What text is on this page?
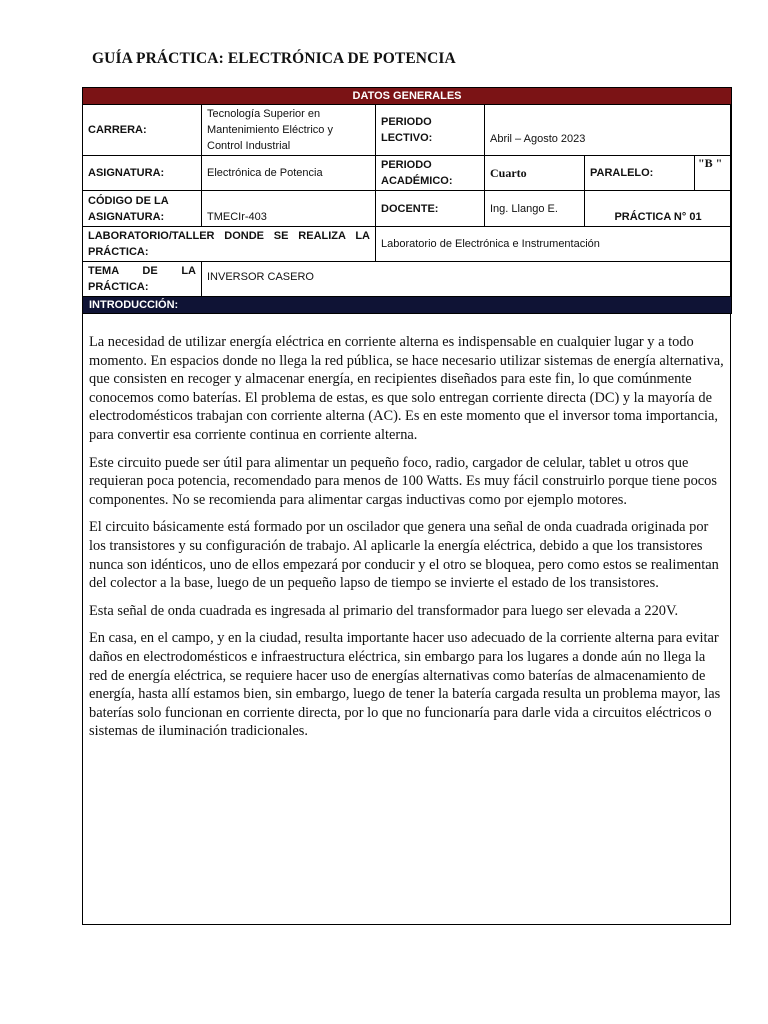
GUÍA PRÁCTICA: ELECTRÓNICA DE POTENCIA
DATOS GENERALES					
CARRERA:	Tecnología Superior en Mantenimiento Eléctrico y Control Industrial	PERIODO LECTIVO:	Abril – Agosto 2023		
ASIGNATURA:	Electrónica de Potencia	PERIODO ACADÉMICO:	Cuarto	PARALELO:	"B "
CÓDIGO DE LA ASIGNATURA:	TMECIr-403	DOCENTE:	Ing. Llango E.	PRÁCTICA N° 01	
LABORATORIO/TALLER DONDE SE REALIZA LA PRÁCTICA:		Laboratorio de Electrónica e Instrumentación			
TEMA DE LA PRÁCTICA:	INVERSOR CASERO				
INTRODUCCIÓN:					

La necesidad de utilizar energía eléctrica en corriente alterna es indispensable en cualquier lugar y a todo momento. En espacios donde no llega la red pública, se hace necesario utilizar sistemas de energía alternativa, que consisten en recoger y almacenar energía, en recipientes diseñados para este fin, lo que comúnmente conocemos como baterías. El problema de estas, es que solo entregan corriente directa (DC) y la mayoría de electrodomésticos trabajan con corriente alterna (AC). Es en este momento que el inversor toma importancia, para convertir esa corriente continua en corriente alterna.

Este circuito puede ser útil para alimentar un pequeño foco, radio, cargador de celular, tablet u otros que requieran poca potencia, recomendado para menos de 100 Watts. Es muy fácil construirlo porque tiene pocos componentes. No se recomienda para alimentar cargas inductivas como por ejemplo motores.

El circuito básicamente está formado por un oscilador que genera una señal de onda cuadrada originada por los transistores y su configuración de trabajo. Al aplicarle la energía eléctrica, debido a que los transistores nunca son idénticos, uno de ellos empezará por conducir y el otro se bloquea, pero como estos se realimentan del colector a la base, luego de un pequeño lapso de tiempo se invierte el estado de los transistores.

Esta señal de onda cuadrada es ingresada al primario del transformador para luego ser elevada a 220V.

En casa, en el campo, y en la ciudad, resulta importante hacer uso adecuado de la corriente alterna para evitar daños en electrodomésticos e infraestructura eléctrica, sin embargo para los lugares a donde aún no llega la red de energía eléctrica, se requiere hacer uso de energías alternativas como baterías de almacenamiento de energía, hasta allí estamos bien, sin embargo, luego de tener la batería cargada resulta un problema mayor, las baterías solo funcionan en corriente directa, por lo que no funcionaría para darle vida a circuitos eléctricos o sistemas de iluminación tradicionales.
